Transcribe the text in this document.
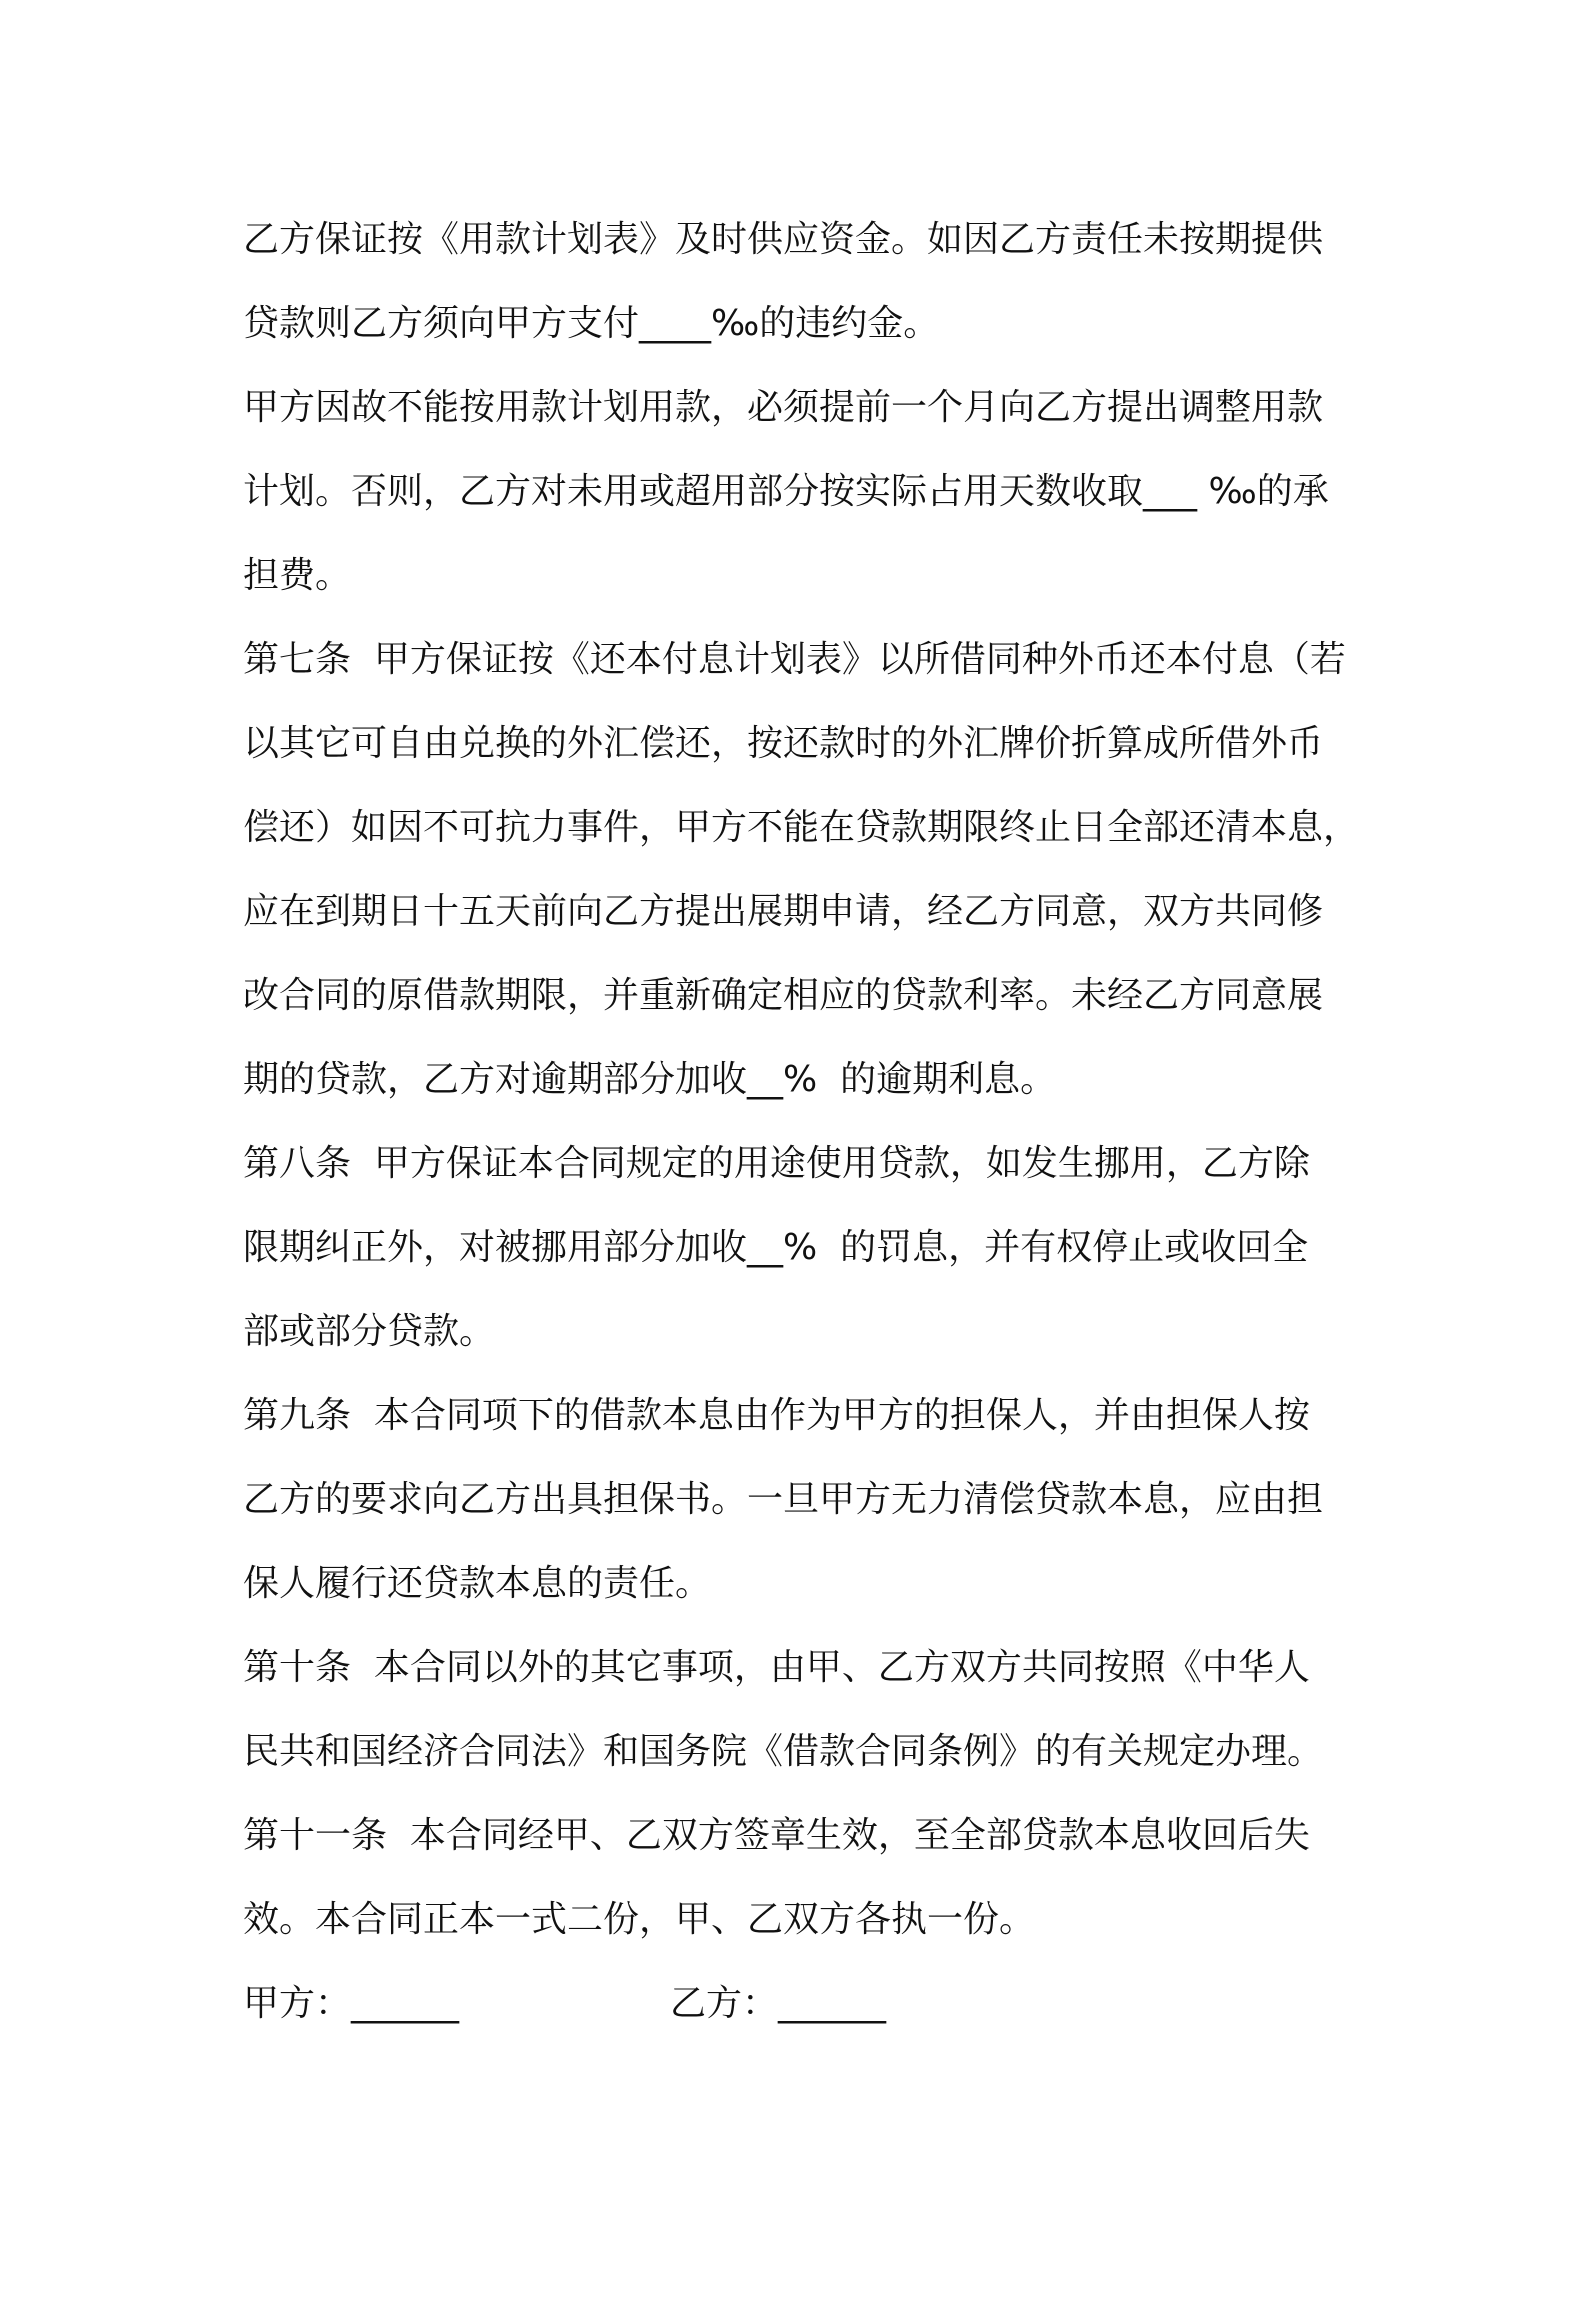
乙方保证按《用款计划表》及时供应资金。如因乙方责任未按期提供
贷款则乙方须向甲方支付____‰的违约金。
甲方因故不能按用款计划用款，必须提前一个月向乙方提出调整用款
计划。否则，乙方对未用或超用部分按实际占用天数收取___ ‰的承
担费。
第七条  甲方保证按《还本付息计划表》以所借同种外币还本付息（若
以其它可自由兑换的外汇偿还，按还款时的外汇牌价折算成所借外币
偿还）如因不可抗力事件，甲方不能在贷款期限终止日全部还清本息，
应在到期日十五天前向乙方提出展期申请，经乙方同意，双方共同修
改合同的原借款期限，并重新确定相应的贷款利率。未经乙方同意展
期的贷款，乙方对逾期部分加收__%  的逾期利息。
第八条  甲方保证本合同规定的用途使用贷款，如发生挪用，乙方除
限期纠正外，对被挪用部分加收__%  的罚息，并有权停止或收回全
部或部分贷款。
第九条  本合同项下的借款本息由作为甲方的担保人，并由担保人按
乙方的要求向乙方出具担保书。一旦甲方无力清偿贷款本息，应由担
保人履行还贷款本息的责任。
第十条  本合同以外的其它事项，由甲、乙方双方共同按照《中华人
民共和国经济合同法》和国务院《借款合同条例》的有关规定办理。
第十一条  本合同经甲、乙双方签章生效，至全部贷款本息收回后失
效。本合同正本一式二份，甲、乙双方各执一份。

甲方：______

	乙方：______
